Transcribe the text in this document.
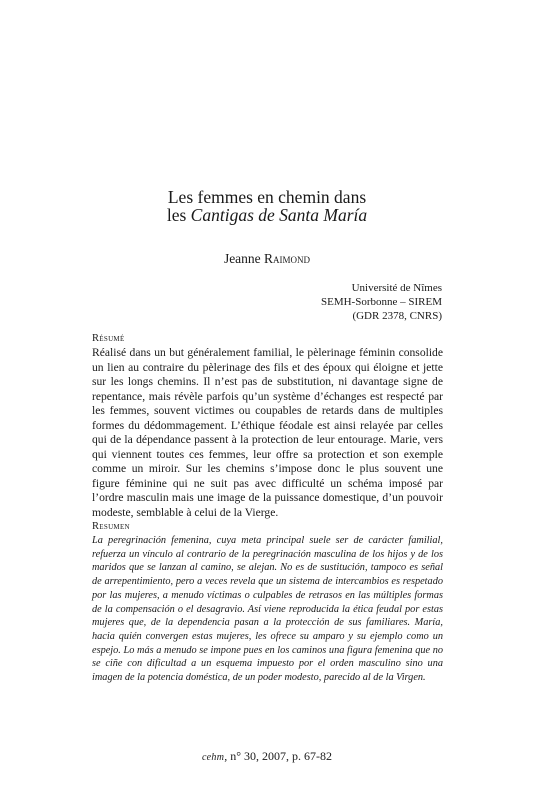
Les femmes en chemin dans
les Cantigas de Santa María
Jeanne Raimond
Université de Nîmes
SEMH-Sorbonne – SIREM
(GDR 2378, CNRS)
Résumé

Réalisé dans un but généralement familial, le pèlerinage féminin consolide un lien au contraire du pèlerinage des fils et des époux qui éloigne et jette sur les longs chemins. Il n’est pas de substitution, ni davantage signe de repentance, mais révèle parfois qu’un système d’échanges est respecté par les femmes, souvent victimes ou coupables de retards dans de multiples formes du dédommagement. L’éthique féodale est ainsi relayée par celles qui de la dépendance passent à la protection de leur entourage. Marie, vers qui viennent toutes ces femmes, leur offre sa protection et son exemple comme un miroir. Sur les chemins s’impose donc le plus souvent une figure féminine qui ne suit pas avec difficulté un schéma imposé par l’ordre masculin mais une image de la puissance domestique, d’un pouvoir modeste, semblable à celui de la Vierge.

Resumen

La peregrinación femenina, cuya meta principal suele ser de carácter familial, refuerza un vínculo al contrario de la peregrinación masculina de los hijos y de los maridos que se lanzan al camino, se alejan. No es de sustitución, tampoco es señal de arrepentimiento, pero a veces revela que un sistema de intercambios es respetado por las mujeres, a menudo víctimas o culpables de retrasos en las múltiples formas de la compensación o el desagravio. Así viene reproducida la ética feudal por estas mujeres que, de la dependencia pasan a la protección de sus familiares. María, hacia quién convergen estas mujeres, les ofrece su amparo y su ejemplo como un espejo. Lo más a menudo se impone pues en los caminos una figura femenina que no se ciñe con dificultad a un esquema impuesto por el orden masculino sino una imagen de la potencia doméstica, de un poder modesto, parecido al de la Virgen.

cehm, n° 30, 2007, p. 67-82
